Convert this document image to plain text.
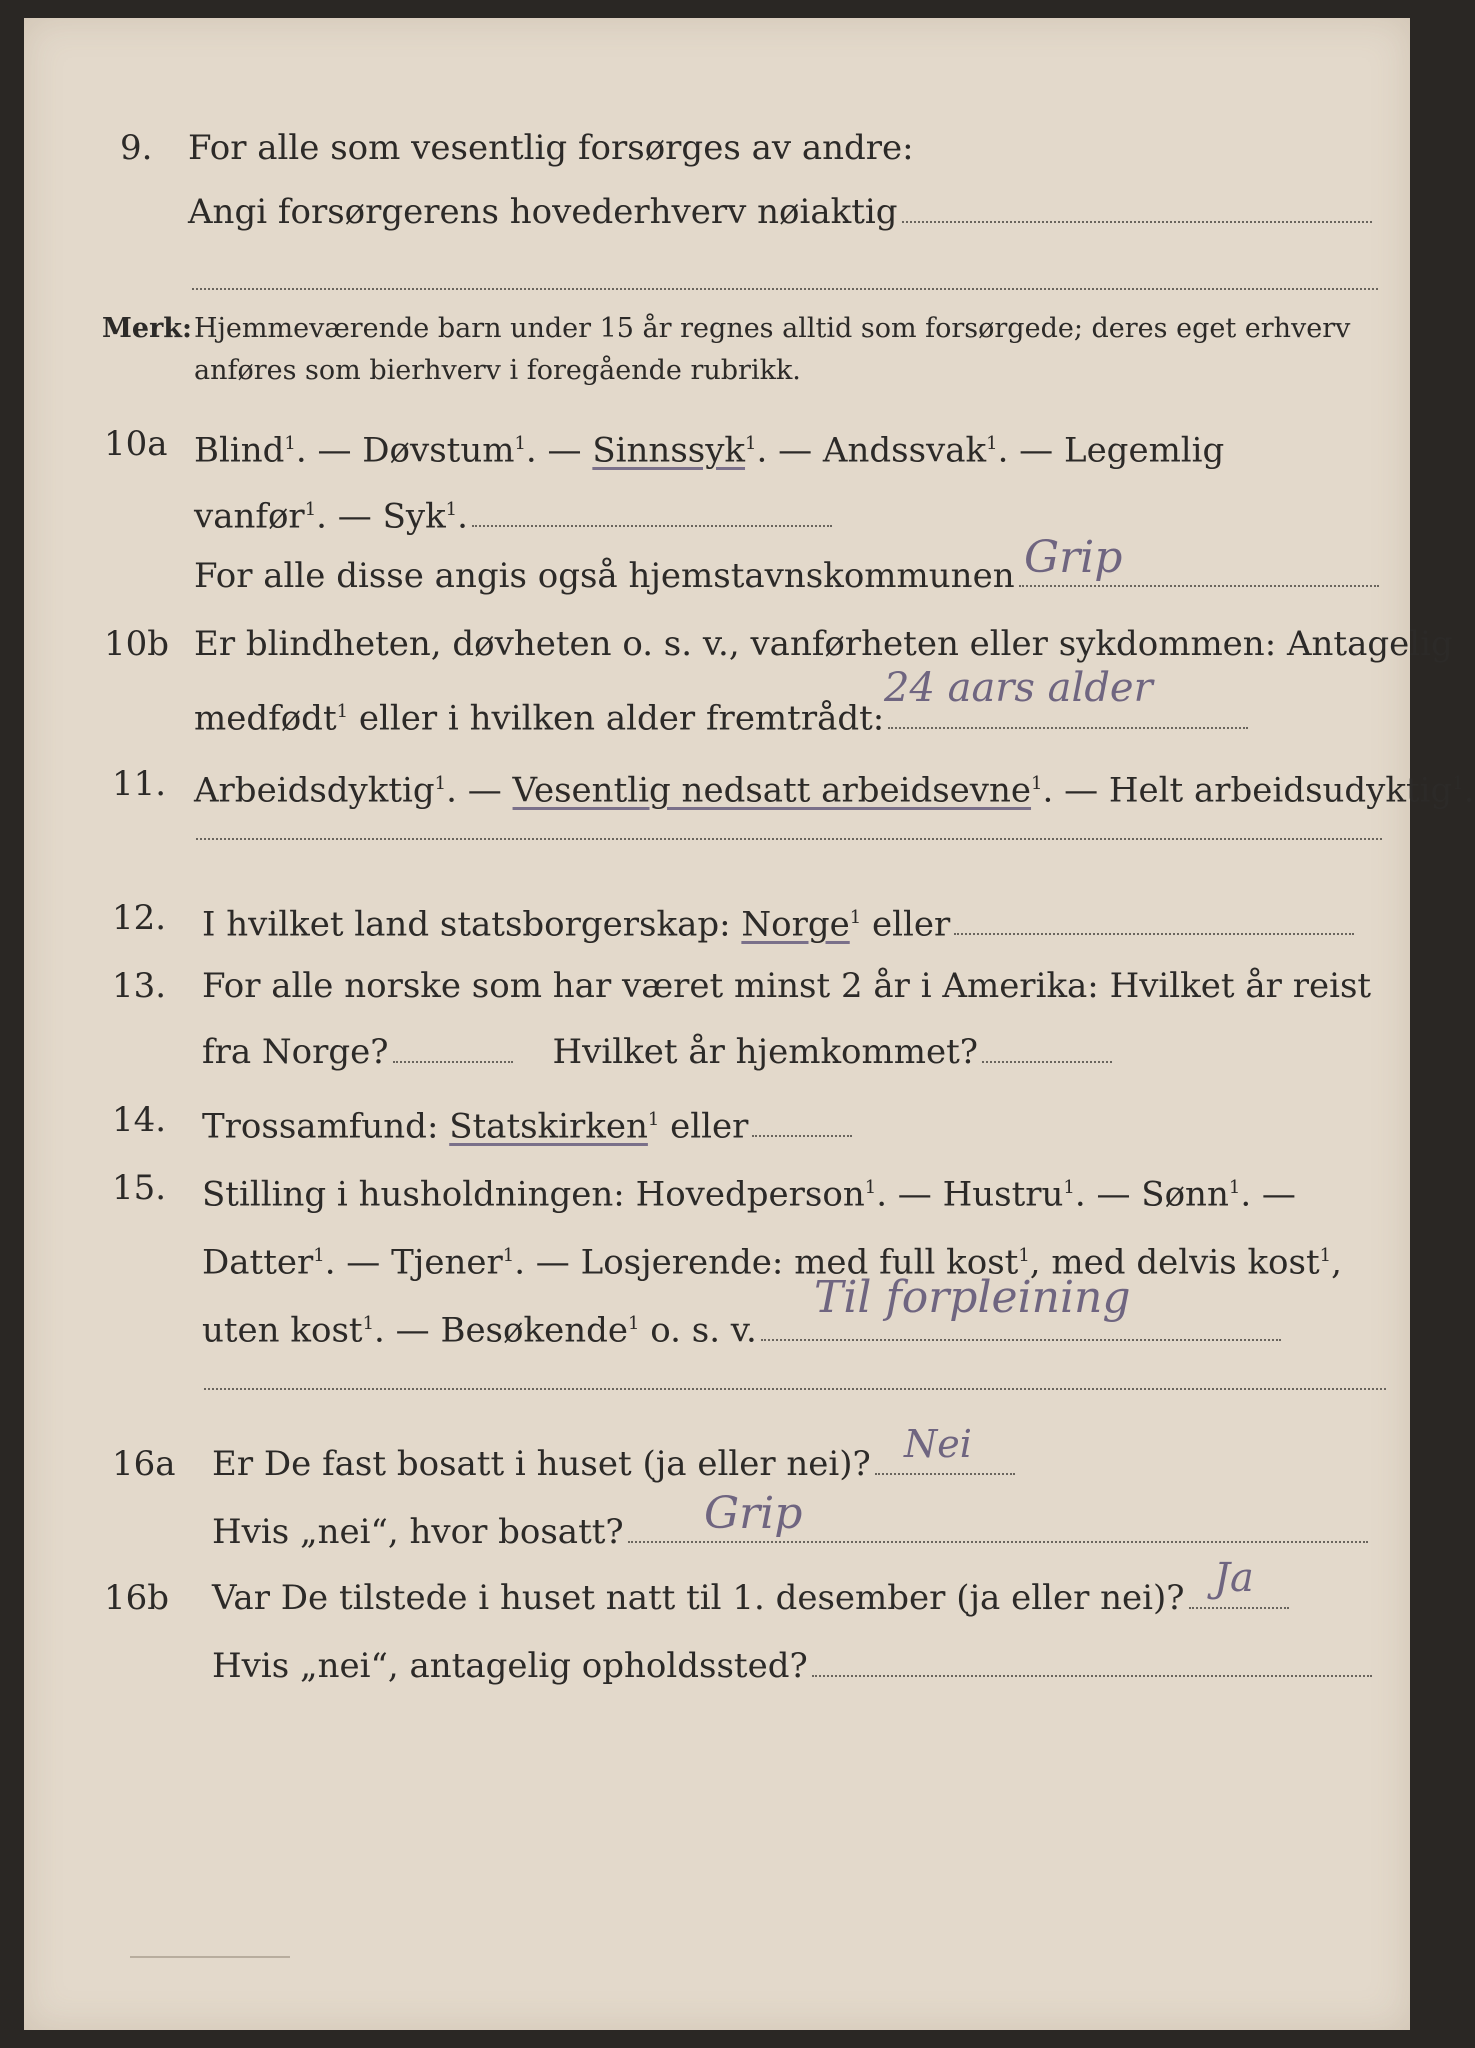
9. For alle som vesentlig forsørges av andre:
Angi forsørgerens hovederhverv nøiaktig
Merk: Hjemmeværende barn under 15 år regnes alltid som forsørgede; deres eget erhverv
anføres som bierhverv i foregående rubrikk.
10a Blind$^1$. — Døvstum$^1$. — Sinnssyk$^1$. — Andssvak$^1$. — Legemlig
vanfør$^1$. — Syk$^1$.
For alle disse angis også hjemstavnskommunen Grip
10b Er blindheten, døvheten o. s. v., vanførheten eller sykdommen: Antagelig
medfødt$^1$ eller i hvilken alder fremtrådt:
24 aars alder
11. Arbeidsdyktig$^1$. — Vesentlig nedsatt arbeidsevne$^1$. — Helt arbeidsudyktig$^1$.
12. I hvilket land statsborgerskap: Norge$^1$ eller
13. For alle norske som har været minst 2 år i Amerika: Hvilket år reist
fra Norge?	Hvilket år hjemkommet?
14. Trossamfund: Statskirken$^1$ eller
15. Stilling i husholdningen: Hovedperson$^1$. — Hustru$^1$. — Sønn$^1$. —
Datter$^1$. — Tjener$^1$. — Losjerende: med full kost$^1$, med delvis kost$^1$,
uten kost$^1$. — Besøkende$^1$ o. s. v.
Til forpleining
16a Er De fast bosatt i huset (ja eller nei)? Nei
Hvis „nei“, hvor bosatt?	Grip
16b Var De tilstede i huset natt til 1. desember (ja eller nei)? Ja
Hvis „nei“, antagelig opholdssted?
